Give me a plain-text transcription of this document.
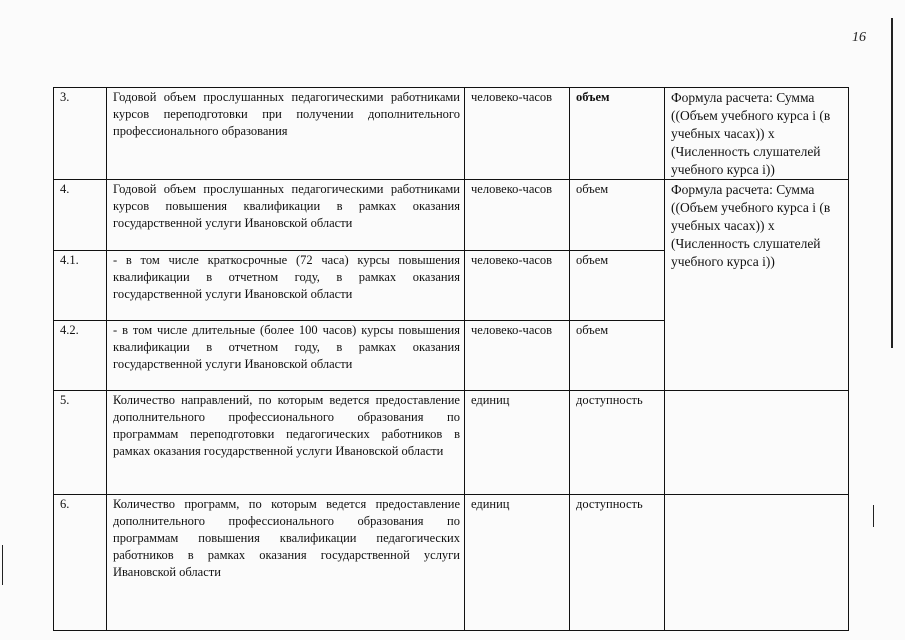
16
3.	Годовой объем прослушанных педагогическими работниками курсов переподготовки при получении дополнительного профессионального образования	человеко-часов	объем	Формула расчета: Сумма ((Объем учебного курса i (в учебных часах)) x (Численность слушателей учебного курса i))
4.	Годовой объем прослушанных педагогическими работниками курсов повышения квалификации в рамках оказания государственной услуги Ивановской области	человеко-часов	объем	Формула расчета: Сумма ((Объем учебного курса i (в учебных часах)) x (Численность слушателей учебного курса i))
4.1.	- в том числе краткосрочные (72 часа) курсы повышения квалификации в отчетном году, в рамках оказания государственной услуги Ивановской области	человеко-часов	объем	
4.2.	- в том числе длительные (более 100 часов) курсы повышения квалификации в отчетном году, в рамках оказания государственной услуги Ивановской области	человеко-часов	объем	
5.	Количество направлений, по которым ведется предоставление дополнительного профессионального образования по программам переподготовки педагогических работников в рамках оказания государственной услуги Ивановской области	единиц	доступность	
6.	Количество программ, по которым ведется предоставление дополнительного профессионального образования по программам повышения квалификации педагогических работников в рамках оказания государственной услуги Ивановской области	единиц	доступность	
